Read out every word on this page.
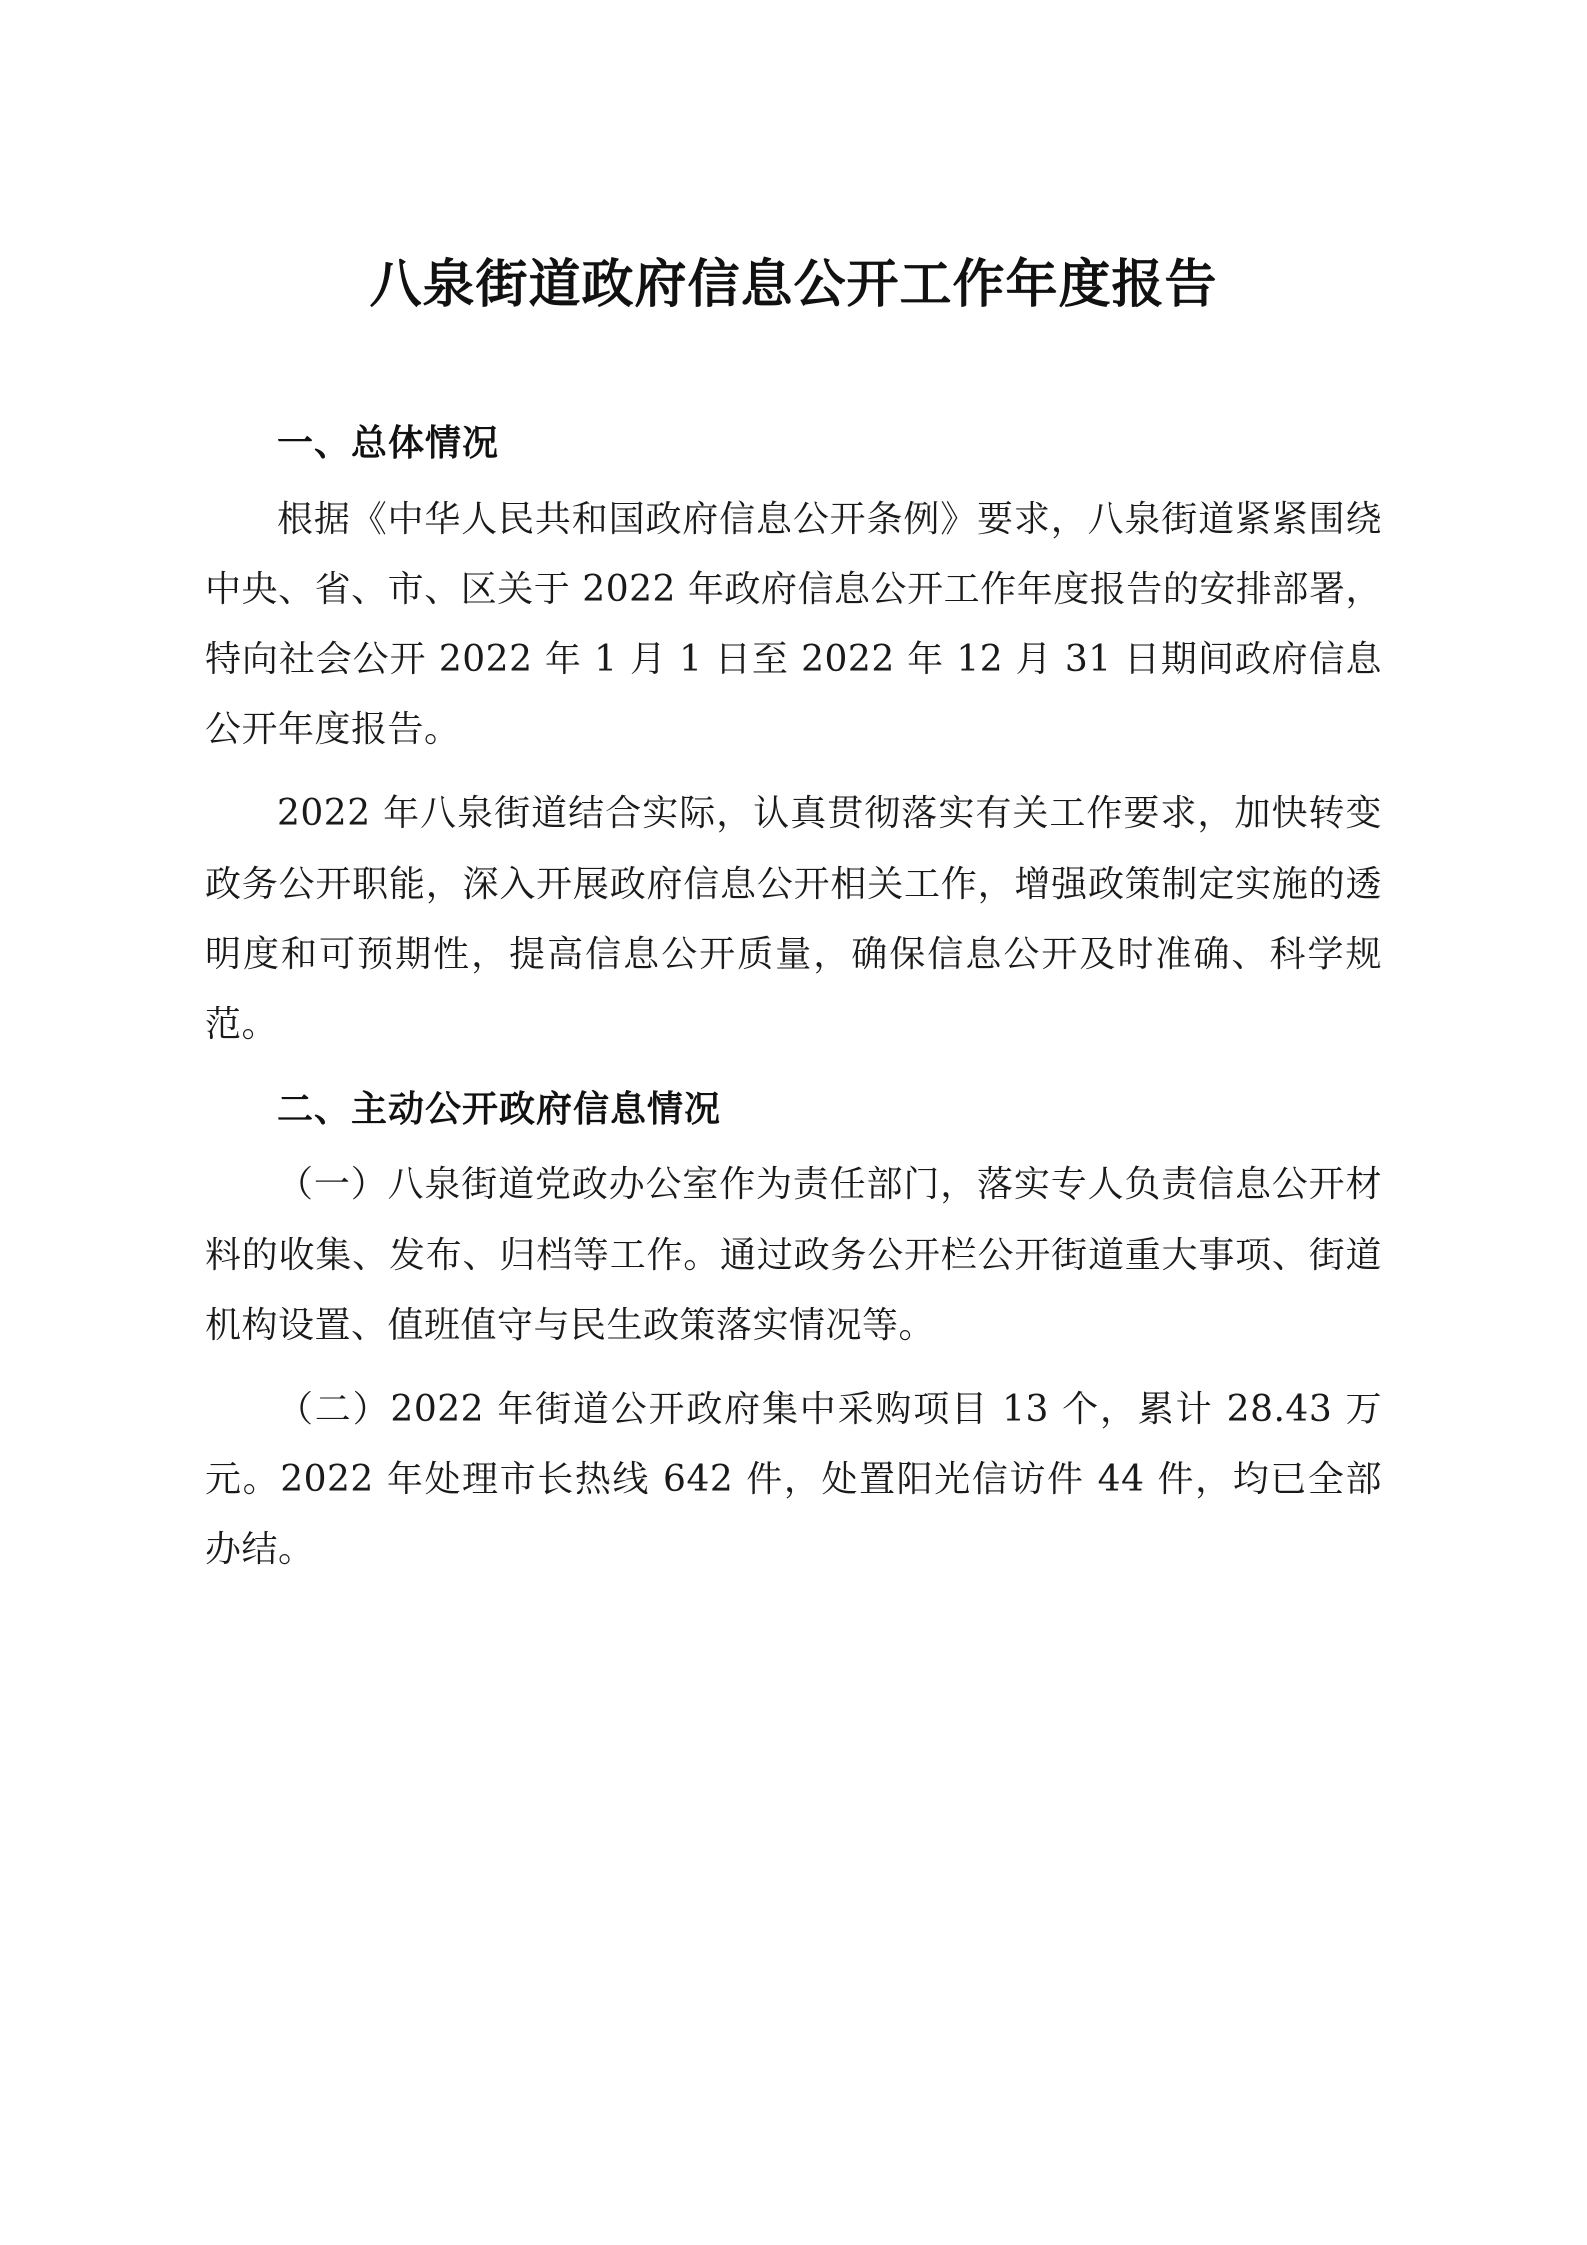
八泉街道政府信息公开工作年度报告
一、总体情况

根据《中华人民共和国政府信息公开条例》要求，八泉街道紧紧围绕中央、省、市、区关于 2022 年政府信息公开工作年度报告的安排部署，特向社会公开 2022 年 1 月 1 日至 2022 年 12 月 31 日期间政府信息公开年度报告。

2022 年八泉街道结合实际，认真贯彻落实有关工作要求，加快转变政务公开职能，深入开展政府信息公开相关工作，增强政策制定实施的透明度和可预期性，提高信息公开质量，确保信息公开及时准确、科学规范。

二、主动公开政府信息情况

（一）八泉街道党政办公室作为责任部门，落实专人负责信息公开材料的收集、发布、归档等工作。通过政务公开栏公开街道重大事项、街道机构设置、值班值守与民生政策落实情况等。

（二）2022 年街道公开政府集中采购项目 13 个，累计 28.43 万元。2022 年处理市长热线 642 件，处置阳光信访件 44 件，均已全部办结。
